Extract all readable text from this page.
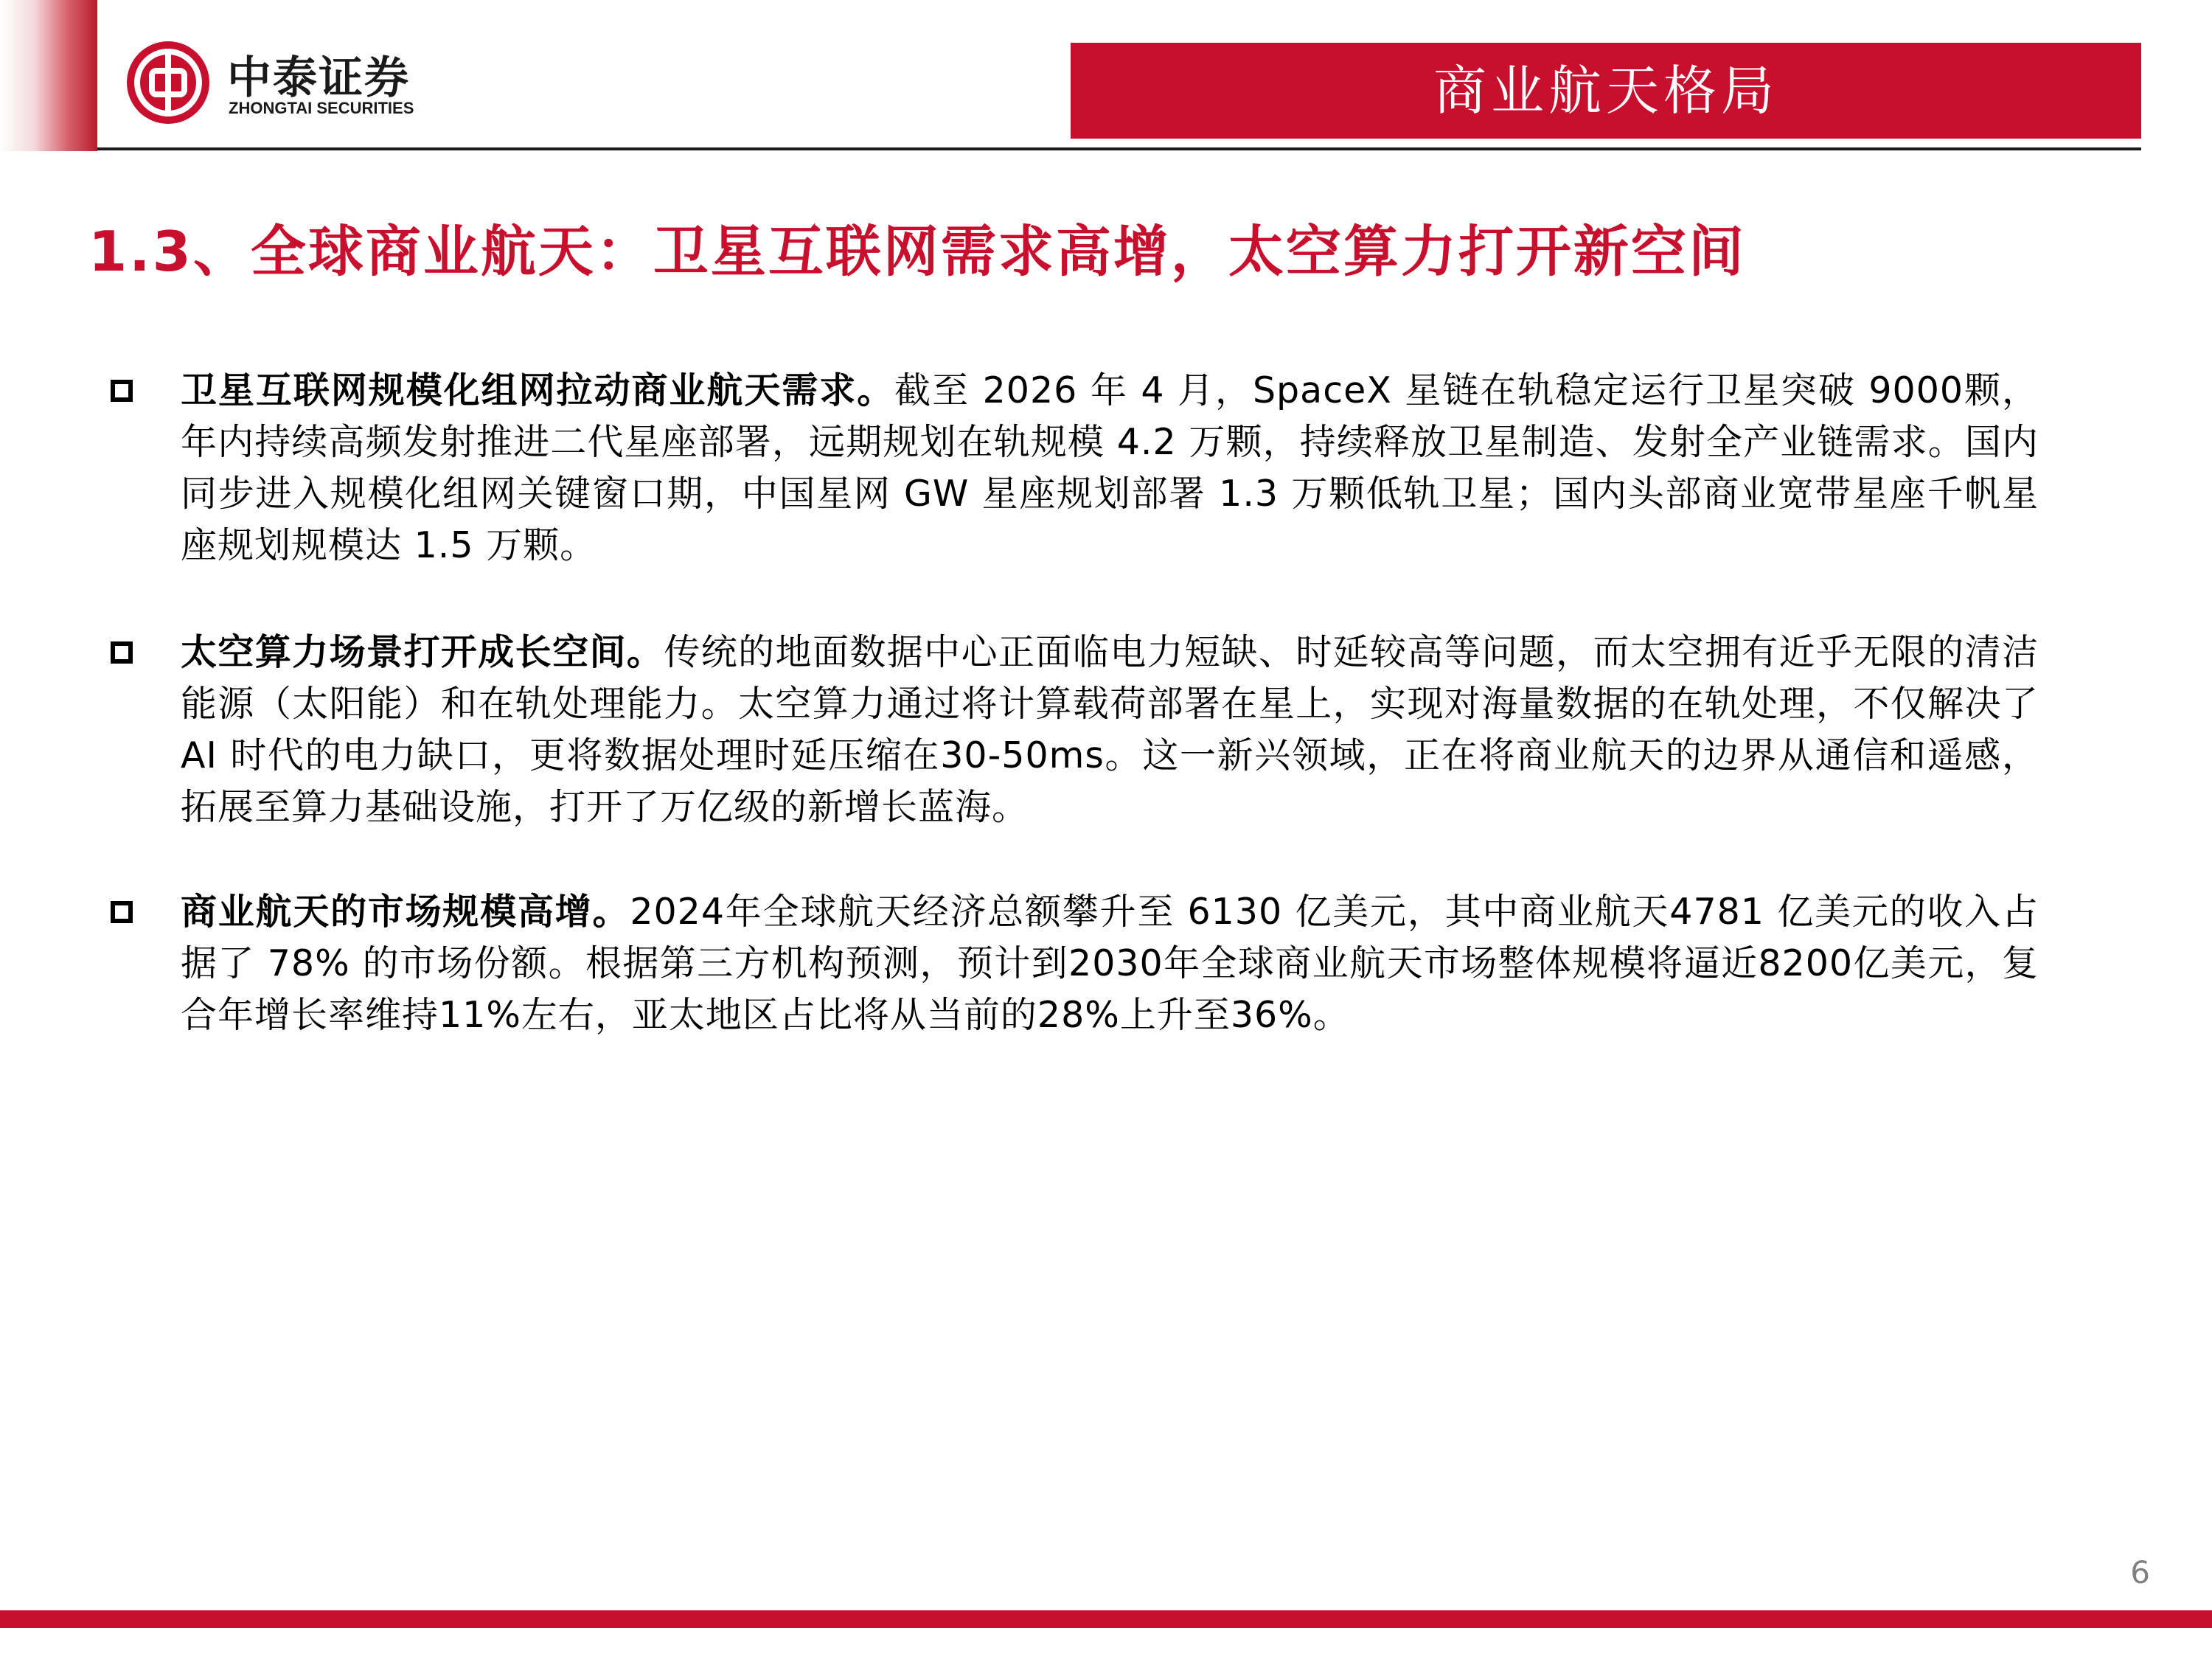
中泰证券
ZHONGTAI SECURITIES	商业航天格局
1.3、全球商业航天：卫星互联网需求高增，太空算力打开新空间
卫星互联网规模化组网拉动商业航天需求。截至 2026 年 4 月，SpaceX 星链在轨稳定运行卫星突破 9000颗，年内持续高频发射推进二代星座部署，远期规划在轨规模 4.2 万颗，持续释放卫星制造、发射全产业链需求。国内同步进入规模化组网关键窗口期，中国星网 GW 星座规划部署 1.3 万颗低轨卫星；国内头部商业宽带星座千帆星座规划规模达 1.5 万颗。
太空算力场景打开成长空间。传统的地面数据中心正面临电力短缺、时延较高等问题，而太空拥有近乎无限的清洁能源（太阳能）和在轨处理能力。太空算力通过将计算载荷部署在星上，实现对海量数据的在轨处理，不仅解决了 AI 时代的电力缺口，更将数据处理时延压缩在30-50ms。这一新兴领域，正在将商业航天的边界从通信和遥感，拓展至算力基础设施，打开了万亿级的新增长蓝海。
商业航天的市场规模高增。2024年全球航天经济总额攀升至 6130 亿美元，其中商业航天4781 亿美元的收入占据了 78% 的市场份额。根据第三方机构预测，预计到2030年全球商业航天市场整体规模将逼近8200亿美元，复合年增长率维持11%左右，亚太地区占比将从当前的28%上升至36%。
6
